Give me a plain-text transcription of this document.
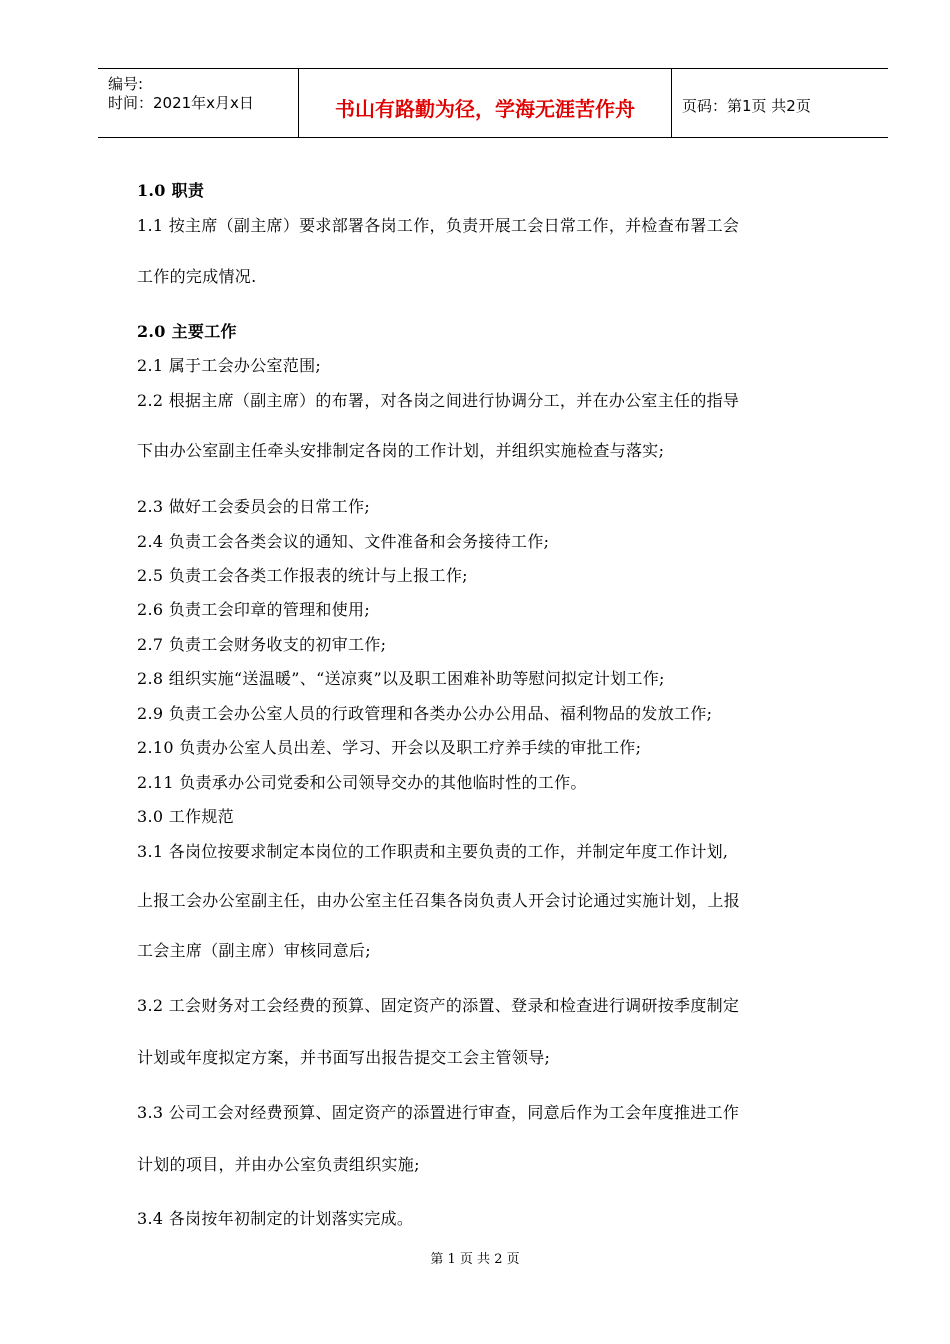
编号:
时间：2021年x月x日	书山有路勤为径，学海无涯苦作舟	页码：第1页 共2页
1.0 职责
1.1 按主席（副主席）要求部署各岗工作，负责开展工会日常工作，并检查布署工会
工作的完成情况.
2.0 主要工作
2.1 属于工会办公室范围;
2.2 根据主席（副主席）的布署，对各岗之间进行协调分工，并在办公室主任的指导
下由办公室副主任牵头安排制定各岗的工作计划，并组织实施检查与落实;
2.3 做好工会委员会的日常工作;
2.4 负责工会各类会议的通知、文件准备和会务接待工作;
2.5 负责工会各类工作报表的统计与上报工作;
2.6 负责工会印章的管理和使用;
2.7 负责工会财务收支的初审工作;
2.8 组织实施“送温暖”、“送凉爽”以及职工困难补助等慰问拟定计划工作;
2.9 负责工会办公室人员的行政管理和各类办公办公用品、福利物品的发放工作;
2.10 负责办公室人员出差、学习、开会以及职工疗养手续的审批工作;
2.11 负责承办公司党委和公司领导交办的其他临时性的工作。
3.0 工作规范
3.1 各岗位按要求制定本岗位的工作职责和主要负责的工作，并制定年度工作计划,
上报工会办公室副主任，由办公室主任召集各岗负责人开会讨论通过实施计划，上报
工会主席（副主席）审核同意后;
3.2 工会财务对工会经费的预算、固定资产的添置、登录和检查进行调研按季度制定
计划或年度拟定方案，并书面写出报告提交工会主管领导;
3.3 公司工会对经费预算、固定资产的添置进行审查，同意后作为工会年度推进工作
计划的项目，并由办公室负责组织实施;
3.4 各岗按年初制定的计划落实完成。
第 1 页 共 2 页
